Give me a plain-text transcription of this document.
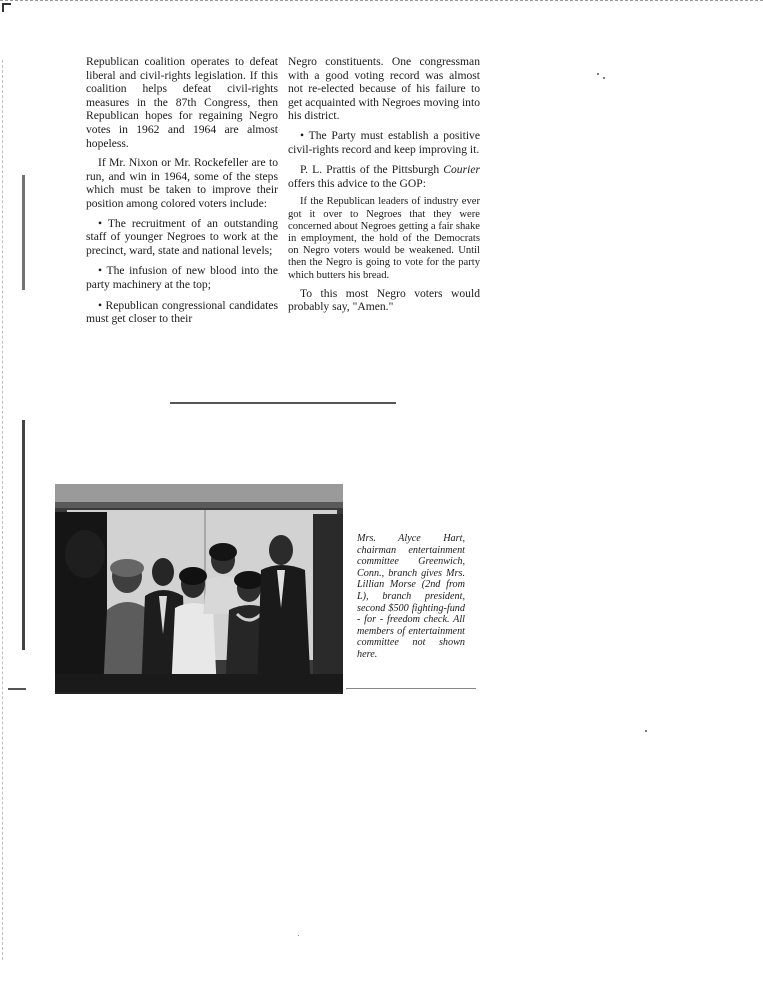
Republican coalition operates to defeat liberal and civil-rights legislation. If this coalition helps defeat civil-rights measures in the 87th Congress, then Republican hopes for regaining Negro votes in 1962 and 1964 are almost hopeless.

If Mr. Nixon or Mr. Rockefeller are to run, and win in 1964, some of the steps which must be taken to improve their position among colored voters include:

• The recruitment of an outstanding staff of younger Negroes to work at the precinct, ward, state and national levels;

• The infusion of new blood into the party machinery at the top;

• Republican congressional candidates must get closer to their

Negro constituents. One congressman with a good voting record was almost not re-elected because of his failure to get acquainted with Negroes moving into his district.

• The Party must establish a positive civil-rights record and keep improving it.

P. L. Prattis of the Pittsburgh Courier offers this advice to the GOP:

If the Republican leaders of industry ever got it over to Negroes that they were concerned about Negroes getting a fair shake in employment, the hold of the Democrats on Negro voters would be weakened. Until then the Negro is going to vote for the party which butters his bread.

To this most Negro voters would probably say, "Amen."

Mrs. Alyce Hart, chairman entertainment committee Greenwich, Conn., branch gives Mrs. Lillian Morse (2nd from L), branch president, second $500 fighting-fund - for - freedom check. All members of entertainment committee not shown here.
